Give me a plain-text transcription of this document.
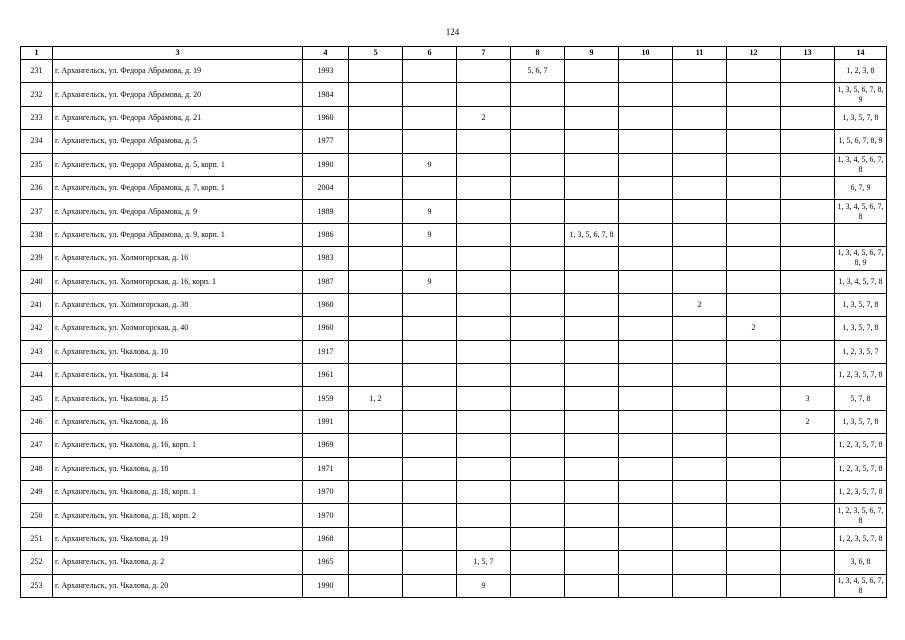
124
1	3	4	5	6	7	8	9	10	11	12	13	14
231	г. Архангельск, ул. Федора Абрамова, д. 19	1993				5, 6, 7						1, 2, 3, 8
232	г. Архангельск, ул. Федора Абрамова, д. 20	1984										1, 3, 5, 6, 7, 8, 9
233	г. Архангельск, ул. Федора Абрамова, д. 21	1960			2							1, 3, 5, 7, 8
234	г. Архангельск, ул. Федора Абрамова, д. 5	1977										1, 5, 6, 7, 8, 9
235	г. Архангельск, ул. Федора Абрамова, д. 5, корп. 1	1990		9								1, 3, 4, 5, 6, 7, 8
236	г. Архангельск, ул. Федора Абрамова, д. 7, корп. 1	2004										6, 7, 9
237	г. Архангельск, ул. Федора Абрамова, д. 9	1989		9								1, 3, 4, 5, 6, 7, 8
238	г. Архангельск, ул. Федора Абрамова, д. 9, корп. 1	1986		9			1, 3, 5, 6, 7, 8					
239	г. Архангельск, ул. Холмогорская, д. 16	1983										1, 3, 4, 5, 6, 7, 8, 9
240	г. Архангельск, ул. Холмогорская, д. 16, корп. 1	1987		9								1, 3, 4, 5, 7, 8
241	г. Архангельск, ул. Холмогорская, д. 38	1960							2			1, 3, 5, 7, 8
242	г. Архангельск, ул. Холмогорская, д. 40	1960								2		1, 3, 5, 7, 8
243	г. Архангельск, ул. Чкалова, д. 10	1917										1, 2, 3, 5, 7
244	г. Архангельск, ул. Чкалова, д. 14	1961										1, 2, 3, 5, 7, 8
245	г. Архангельск, ул. Чкалова, д. 15	1959	1, 2								3	5, 7, 8
246	г. Архангельск, ул. Чкалова, д. 16	1991									2	1, 3, 5, 7, 8
247	г. Архангельск, ул. Чкалова, д. 16, корп. 1	1969										1, 2, 3, 5, 7, 8
248	г. Архангельск, ул. Чкалова, д. 18	1971										1, 2, 3, 5, 7, 8
249	г. Архангельск, ул. Чкалова, д. 18, корп. 1	1970										1, 2, 3, 5, 7, 8
250	г. Архангельск, ул. Чкалова, д. 18, корп. 2	1970										1, 2, 3, 5, 6, 7, 8
251	г. Архангельск, ул. Чкалова, д. 19	1968										1, 2, 3, 5, 7, 8
252	г. Архангельск, ул. Чкалова, д. 2	1965			1, 5, 7							3, 6, 8
253	г. Архангельск, ул. Чкалова, д. 20	1990			9							1, 3, 4, 5, 6, 7, 8
